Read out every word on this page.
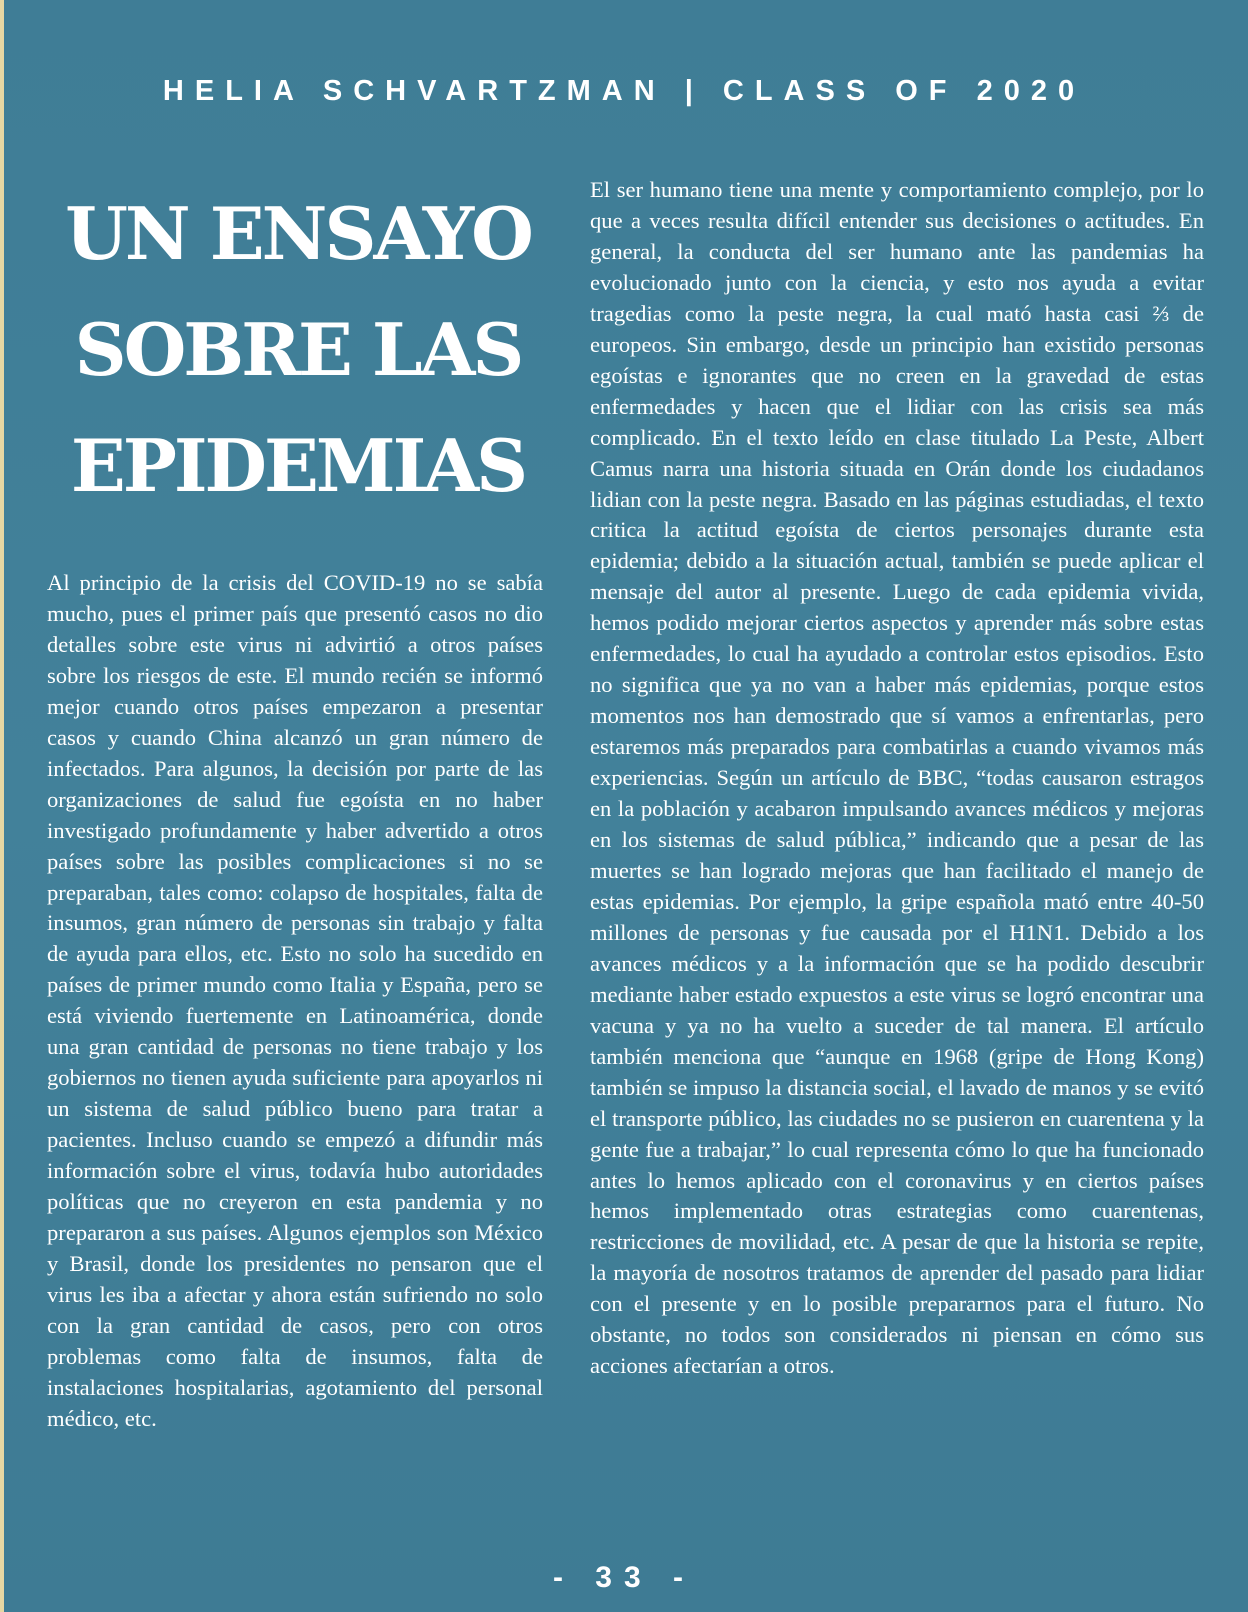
HELIA SCHVARTZMAN | CLASS OF 2020
UN ENSAYO
SOBRE LAS
EPIDEMIAS

Al principio de la crisis del COVID-19 no se sabía mucho, pues el primer país que presentó casos no dio detalles sobre este virus ni advirtió a otros países sobre los riesgos de este. El mundo recién se informó mejor cuando otros países empezaron a presentar casos y cuando China alcanzó un gran número de infectados. Para algunos, la decisión por parte de las organizaciones de salud fue egoísta en no haber investigado profundamente y haber advertido a otros países sobre las posibles complicaciones si no se preparaban, tales como: colapso de hospitales, falta de insumos, gran número de personas sin trabajo y falta de ayuda para ellos, etc. Esto no solo ha sucedido en países de primer mundo como Italia y España, pero se está viviendo fuertemente en Latinoamérica, donde una gran cantidad de personas no tiene trabajo y los gobiernos no tienen ayuda suficiente para apoyarlos ni un sistema de salud público bueno para tratar a pacientes. Incluso cuando se empezó a difundir más información sobre el virus, todavía hubo autoridades políticas que no creyeron en esta pandemia y no prepararon a sus países. Algunos ejemplos son México y Brasil, donde los presidentes no pensaron que el virus les iba a afectar y ahora están sufriendo no solo con la gran cantidad de casos, pero con otros problemas como falta de insumos, falta de instalaciones hospitalarias, agotamiento del personal médico, etc.

El ser humano tiene una mente y comportamiento complejo, por lo que a veces resulta difícil entender sus decisiones o actitudes. En general, la conducta del ser humano ante las pandemias ha evolucionado junto con la ciencia, y esto nos ayuda a evitar tragedias como la peste negra, la cual mató hasta casi ⅔ de europeos. Sin embargo, desde un principio han existido personas egoístas e ignorantes que no creen en la gravedad de estas enfermedades y hacen que el lidiar con las crisis sea más complicado. En el texto leído en clase titulado La Peste, Albert Camus narra una historia situada en Orán donde los ciudadanos lidian con la peste negra. Basado en las páginas estudiadas, el texto critica la actitud egoísta de ciertos personajes durante esta epidemia; debido a la situación actual, también se puede aplicar el mensaje del autor al presente. Luego de cada epidemia vivida, hemos podido mejorar ciertos aspectos y aprender más sobre estas enfermedades, lo cual ha ayudado a controlar estos episodios. Esto no significa que ya no van a haber más epidemias, porque estos momentos nos han demostrado que sí vamos a enfrentarlas, pero estaremos más preparados para combatirlas a cuando vivamos más experiencias. Según un artículo de BBC, “todas causaron estragos en la población y acabaron impulsando avances médicos y mejoras en los sistemas de salud pública,” indicando que a pesar de las muertes se han logrado mejoras que han facilitado el manejo de estas epidemias. Por ejemplo, la gripe española mató entre 40-50 millones de personas y fue causada por el H1N1. Debido a los avances médicos y a la información que se ha podido descubrir mediante haber estado expuestos a este virus se logró encontrar una vacuna y ya no ha vuelto a suceder de tal manera. El artículo también menciona que “aunque en 1968 (gripe de Hong Kong) también se impuso la distancia social, el lavado de manos y se evitó el transporte público, las ciudades no se pusieron en cuarentena y la gente fue a trabajar,” lo cual representa cómo lo que ha funcionado antes lo hemos aplicado con el coronavirus y en ciertos países hemos implementado otras estrategias como cuarentenas, restricciones de movilidad, etc. A pesar de que la historia se repite, la mayoría de nosotros tratamos de aprender del pasado para lidiar con el presente y en lo posible prepararnos para el futuro. No obstante, no todos son considerados ni piensan en cómo sus acciones afectarían a otros.

- 33 -
